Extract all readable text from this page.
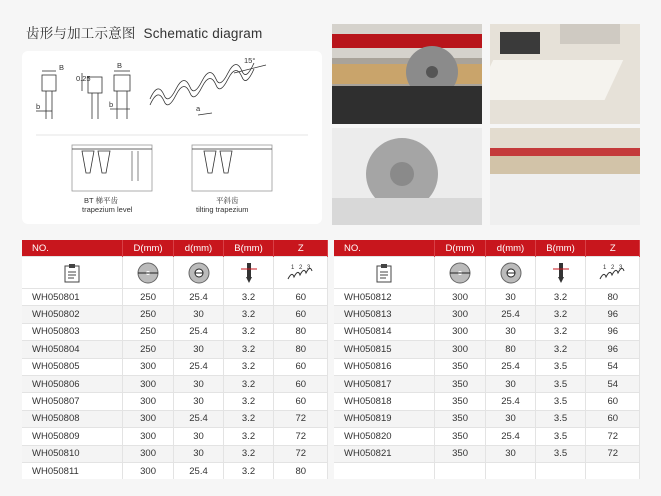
齿形与加工示意图 Schematic diagram
B
0.25
B
b	b
15°
a
BT 梯平齿
trapezium level
平斜齿
tilting trapezium
NO.	D(mm)	d(mm)	B(mm)	Z

1 2 3

WH050801	250	25.4	3.2	60
WH050802	250	30	3.2	60
WH050803	250	25.4	3.2	80
WH050804	250	30	3.2	80
WH050805	300	25.4	3.2	60
WH050806	300	30	3.2	60
WH050807	300	30	3.2	60
WH050808	300	25.4	3.2	72
WH050809	300	30	3.2	72
WH050810	300	30	3.2	72
WH050811	300	25.4	3.2	80
NO.	D(mm)	d(mm)	B(mm)	Z

1 2 3

WH050812	300	30	3.2	80
WH050813	300	25.4	3.2	96
WH050814	300	30	3.2	96
WH050815	300	80	3.2	96
WH050816	350	25.4	3.5	54
WH050817	350	30	3.5	54
WH050818	350	25.4	3.5	60
WH050819	350	30	3.5	60
WH050820	350	25.4	3.5	72
WH050821	350	30	3.5	72
